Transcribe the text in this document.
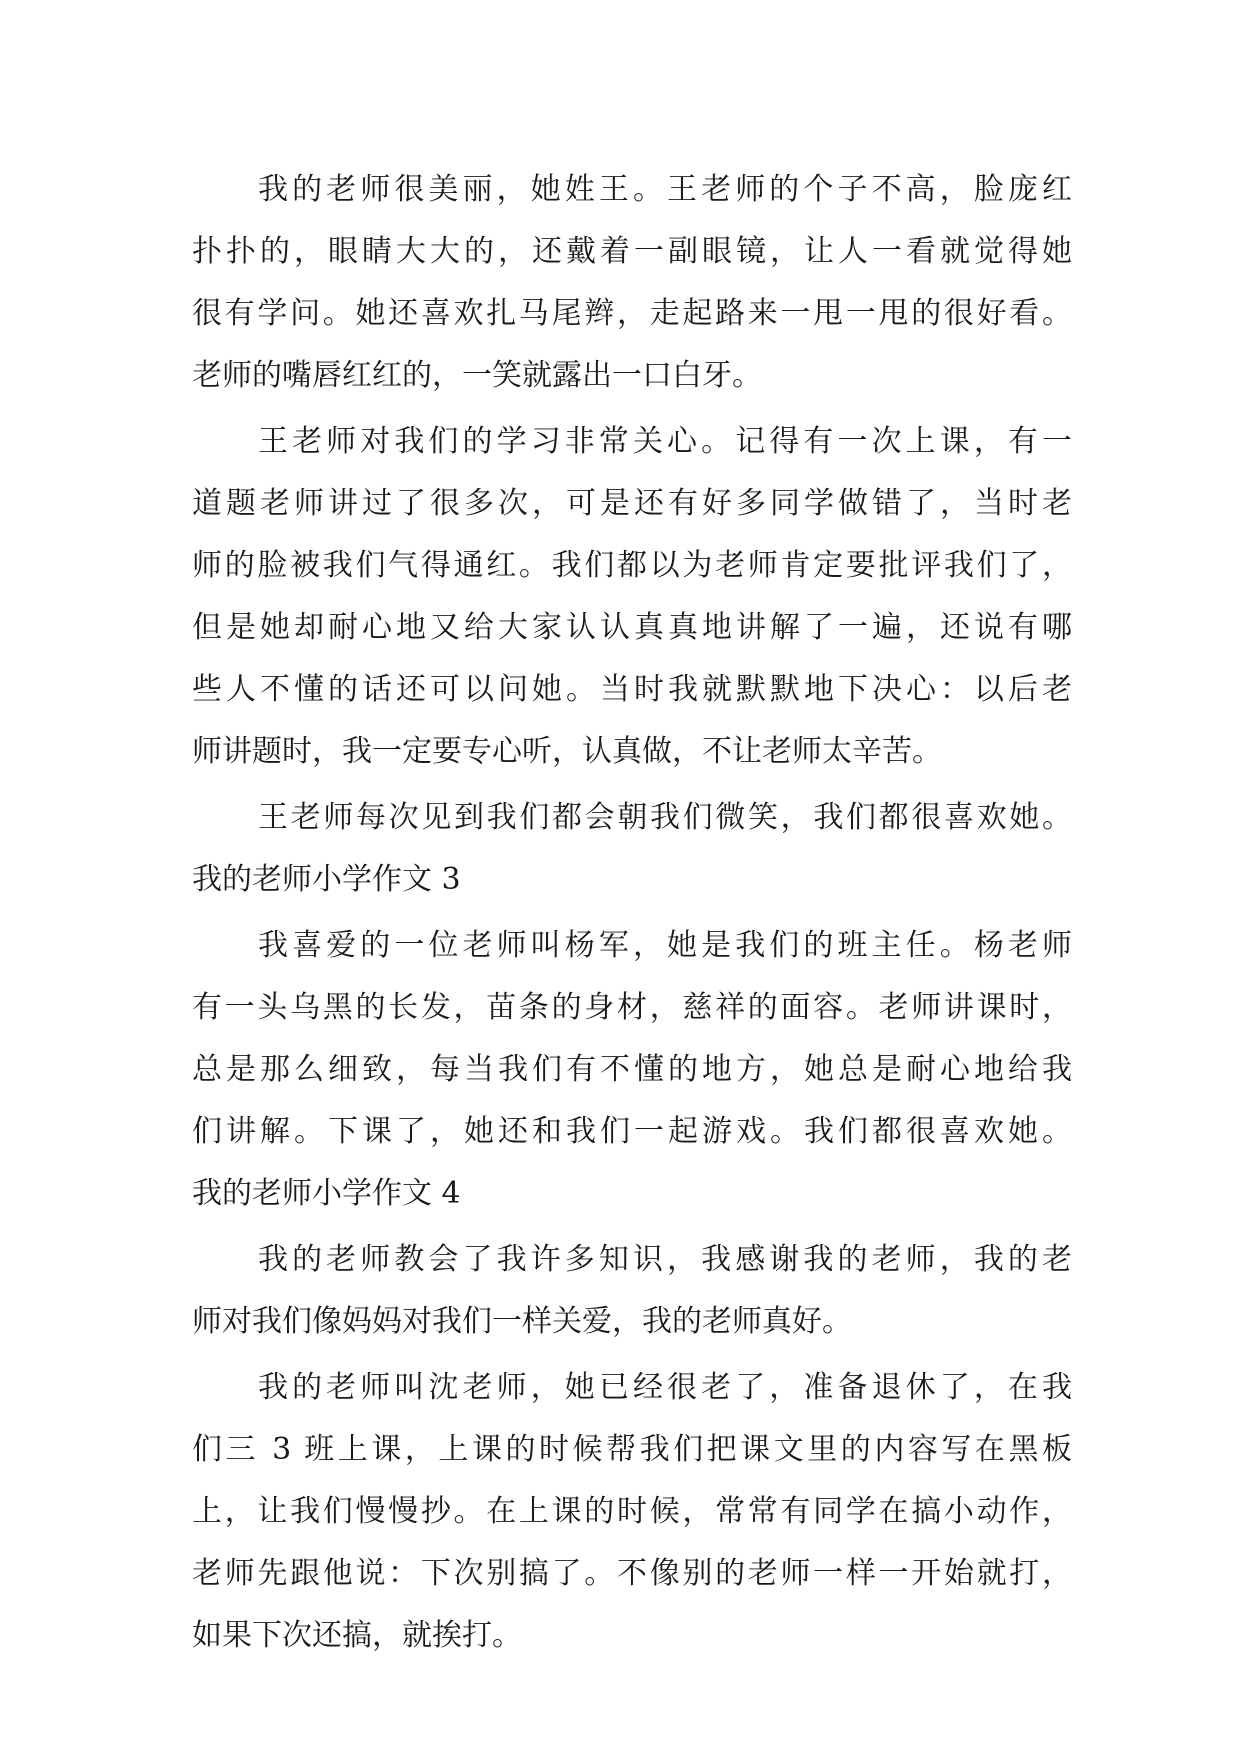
我的老师很美丽，她姓王。王老师的个子不高，脸庞红
扑扑的，眼睛大大的，还戴着一副眼镜，让人一看就觉得她
很有学问。她还喜欢扎马尾辫，走起路来一甩一甩的很好看。
老师的嘴唇红红的，一笑就露出一口白牙。
王老师对我们的学习非常关心。记得有一次上课，有一
道题老师讲过了很多次，可是还有好多同学做错了，当时老
师的脸被我们气得通红。我们都以为老师肯定要批评我们了，
但是她却耐心地又给大家认认真真地讲解了一遍，还说有哪
些人不懂的话还可以问她。当时我就默默地下决心：以后老
师讲题时，我一定要专心听，认真做，不让老师太辛苦。
王老师每次见到我们都会朝我们微笑，我们都很喜欢她。
我的老师小学作文 3
我喜爱的一位老师叫杨军，她是我们的班主任。杨老师
有一头乌黑的长发，苗条的身材，慈祥的面容。老师讲课时，
总是那么细致，每当我们有不懂的地方，她总是耐心地给我
们讲解。下课了，她还和我们一起游戏。我们都很喜欢她。
我的老师小学作文 4
我的老师教会了我许多知识，我感谢我的老师，我的老
师对我们像妈妈对我们一样关爱，我的老师真好。
我的老师叫沈老师，她已经很老了，准备退休了，在我
们三 3 班上课，上课的时候帮我们把课文里的内容写在黑板
上，让我们慢慢抄。在上课的时候，常常有同学在搞小动作，
老师先跟他说：下次别搞了。不像别的老师一样一开始就打，
如果下次还搞，就挨打。
